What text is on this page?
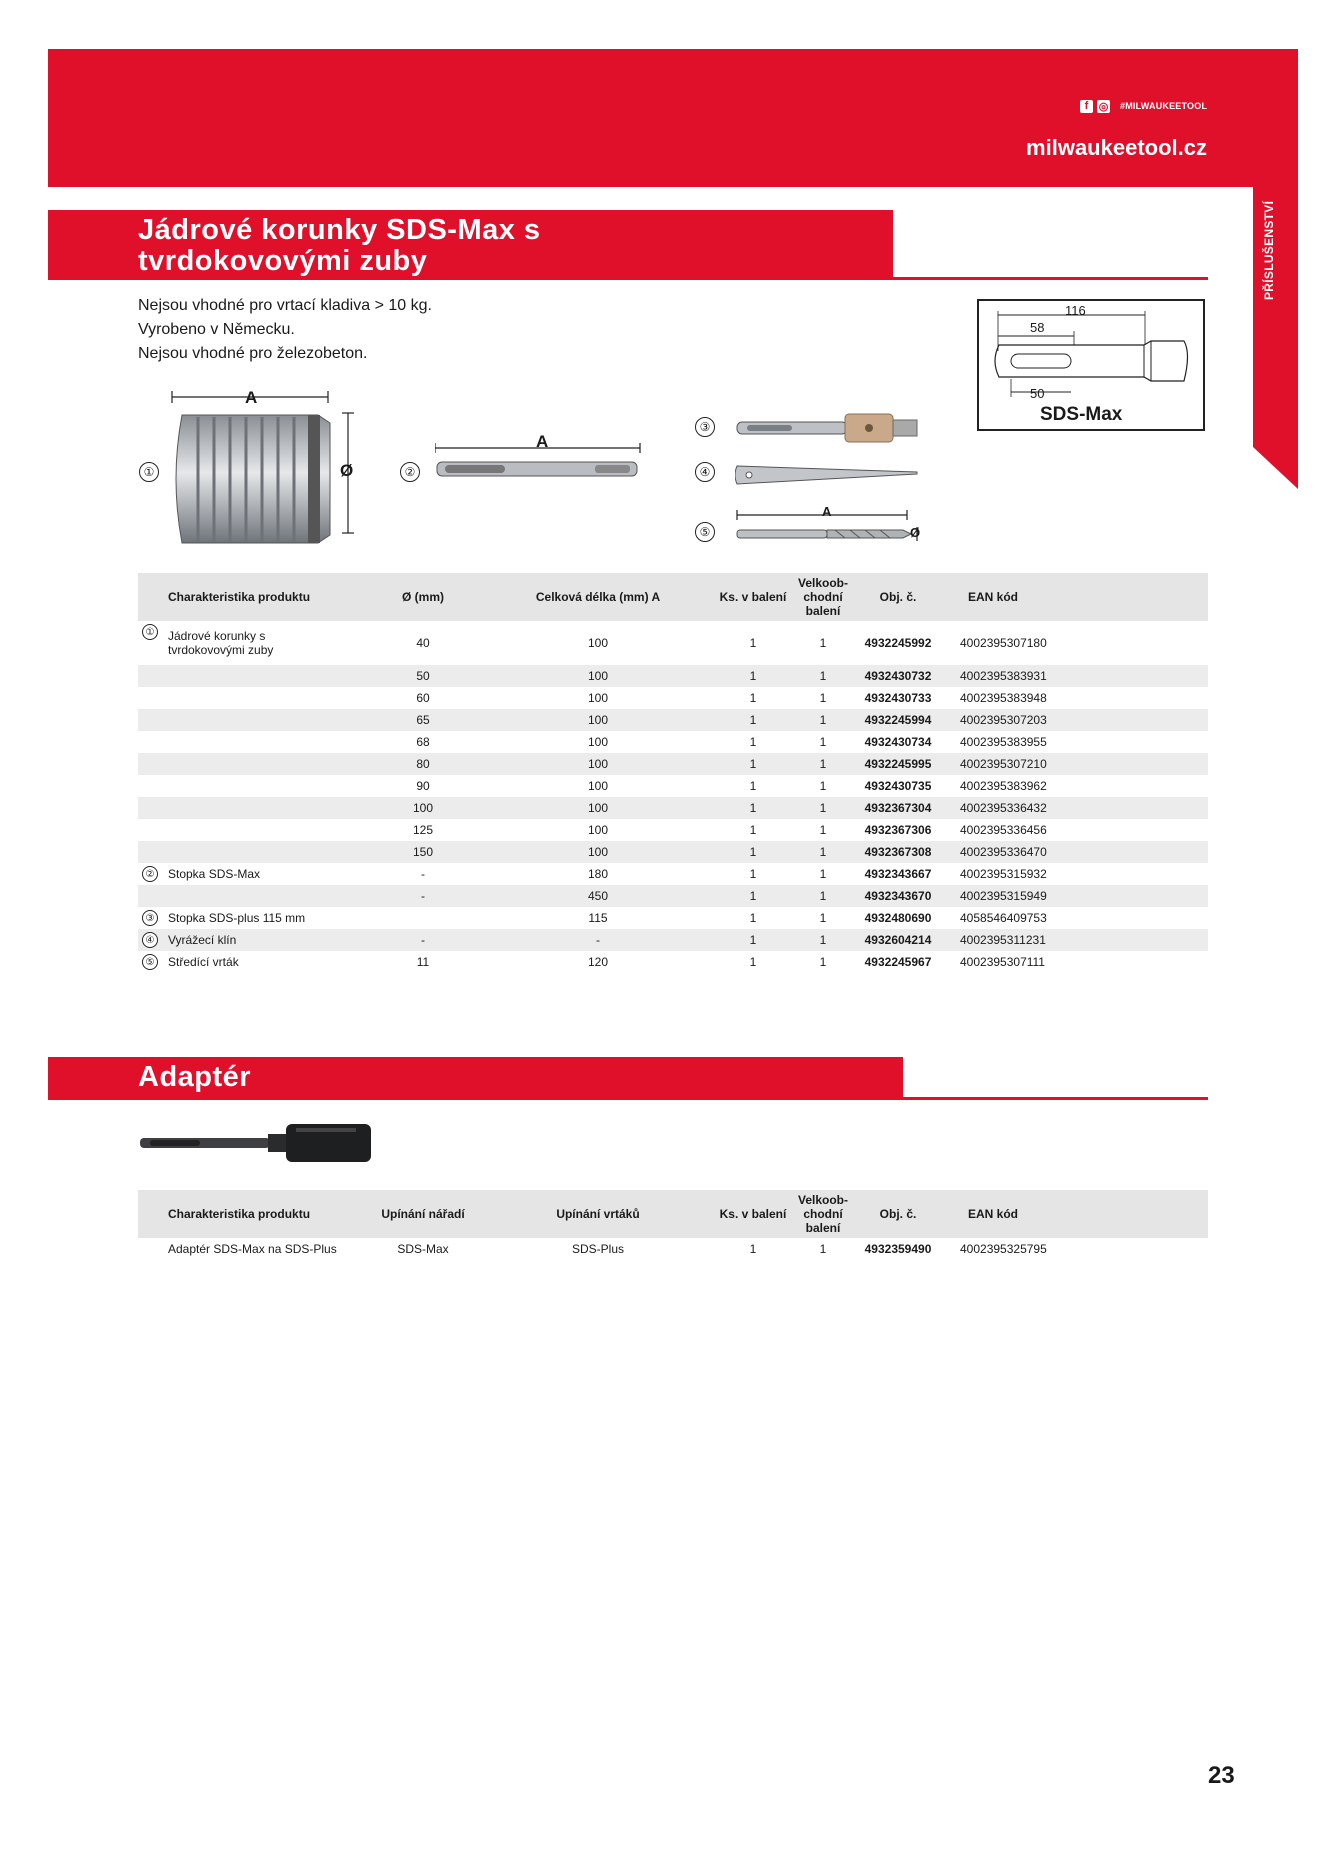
f ◎ #MILWAUKEETOOL
milwaukeetool.cz
PŘÍSLUŠENSTVÍ
Jádrové korunky SDS-Max s
tvrdokovovými zuby

Nejsou vhodné pro vrtací kladiva > 10 kg.

Vyrobeno v Německu.

Nejsou vhodné pro železobeton.

116
58
50
SDS-Max
①
A
Ø	②
A
③
④
⑤
A
Ø
Charakteristika produktu	Ø (mm)	Celková délka (mm) A	Ks. v balení	Velkoob-
chodní
balení	Obj. č.	EAN kód

① Jádrové korunky s tvrdokovovými zuby	40	100	1	1	4932245992	4002395307180
	50	100	1	1	4932430732	4002395383931
	60	100	1	1	4932430733	4002395383948
	65	100	1	1	4932245994	4002395307203
	68	100	1	1	4932430734	4002395383955
	80	100	1	1	4932245995	4002395307210
	90	100	1	1	4932430735	4002395383962
	100	100	1	1	4932367304	4002395336432
	125	100	1	1	4932367306	4002395336456
	150	100	1	1	4932367308	4002395336470

② Stopka SDS-Max	-	180	1	1	4932343667	4002395315932
	-	450	1	1	4932343670	4002395315949

③ Stopka SDS-plus 115 mm		115	1	1	4932480690	4058546409753

④ Vyrážecí klín	-	-	1	1	4932604214	4002395311231

⑤ Středící vrták	11	120	1	1	4932245967	4002395307111
Adaptér
Charakteristika produktu	Upínání nářadí	Upínání vrtáků	Ks. v balení	Velkoob-
chodní
balení	Obj. č.	EAN kód
Adaptér SDS-Max na SDS-Plus	SDS-Max	SDS-Plus	1	1	4932359490	4002395325795
23
